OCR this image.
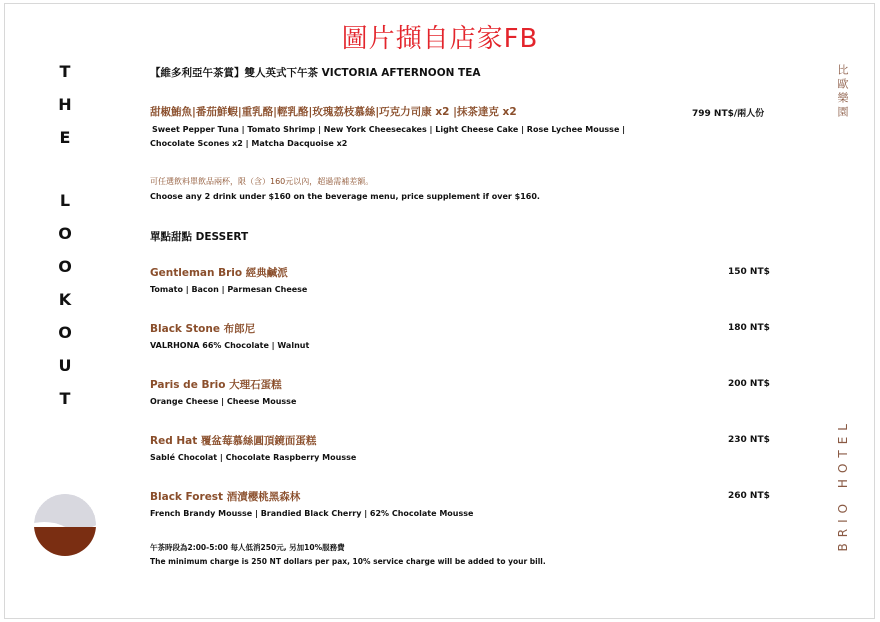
圖片擷自店家FB
T
H
E
L
O
O
K
O
U
T
比歐樂園
BRIO HOTEL
【維多利亞午茶賞】雙人英式下午茶 VICTORIA AFTERNOON TEA
甜椒鮪魚|番茄鮮蝦|重乳酪|輕乳酪|玫瑰荔枝慕絲|巧克力司康 x2 |抹茶達克 x2
Sweet Pepper Tuna | Tomato Shrimp | New York Cheesecakes | Light Cheese Cake | Rose Lychee Mousse |
Chocolate Scones x2 | Matcha Dacquoise x2
799 NT$/兩人份
可任選飲料單飲品兩杯，限（含）160元以內，超過需補差額。
Choose any 2 drink under $160 on the beverage menu, price supplement if over $160.
單點甜點 DESSERT
Gentleman Brio 經典鹹派
Tomato | Bacon | Parmesan Cheese
150 NT$
Black Stone 布郎尼
VALRHONA 66% Chocolate | Walnut
180 NT$
Paris de Brio 大理石蛋糕
Orange Cheese | Cheese Mousse
200 NT$
Red Hat 覆盆莓慕絲圓頂鏡面蛋糕
Sablé Chocolat | Chocolate Raspberry Mousse
230 NT$
Black Forest 酒漬櫻桃黑森林
French Brandy Mousse | Brandied Black Cherry | 62% Chocolate Mousse
260 NT$
午茶時段為2:00-5:00 每人低消250元, 另加10%服務費
The minimum charge is 250 NT dollars per pax, 10% service charge will be added to your bill.
